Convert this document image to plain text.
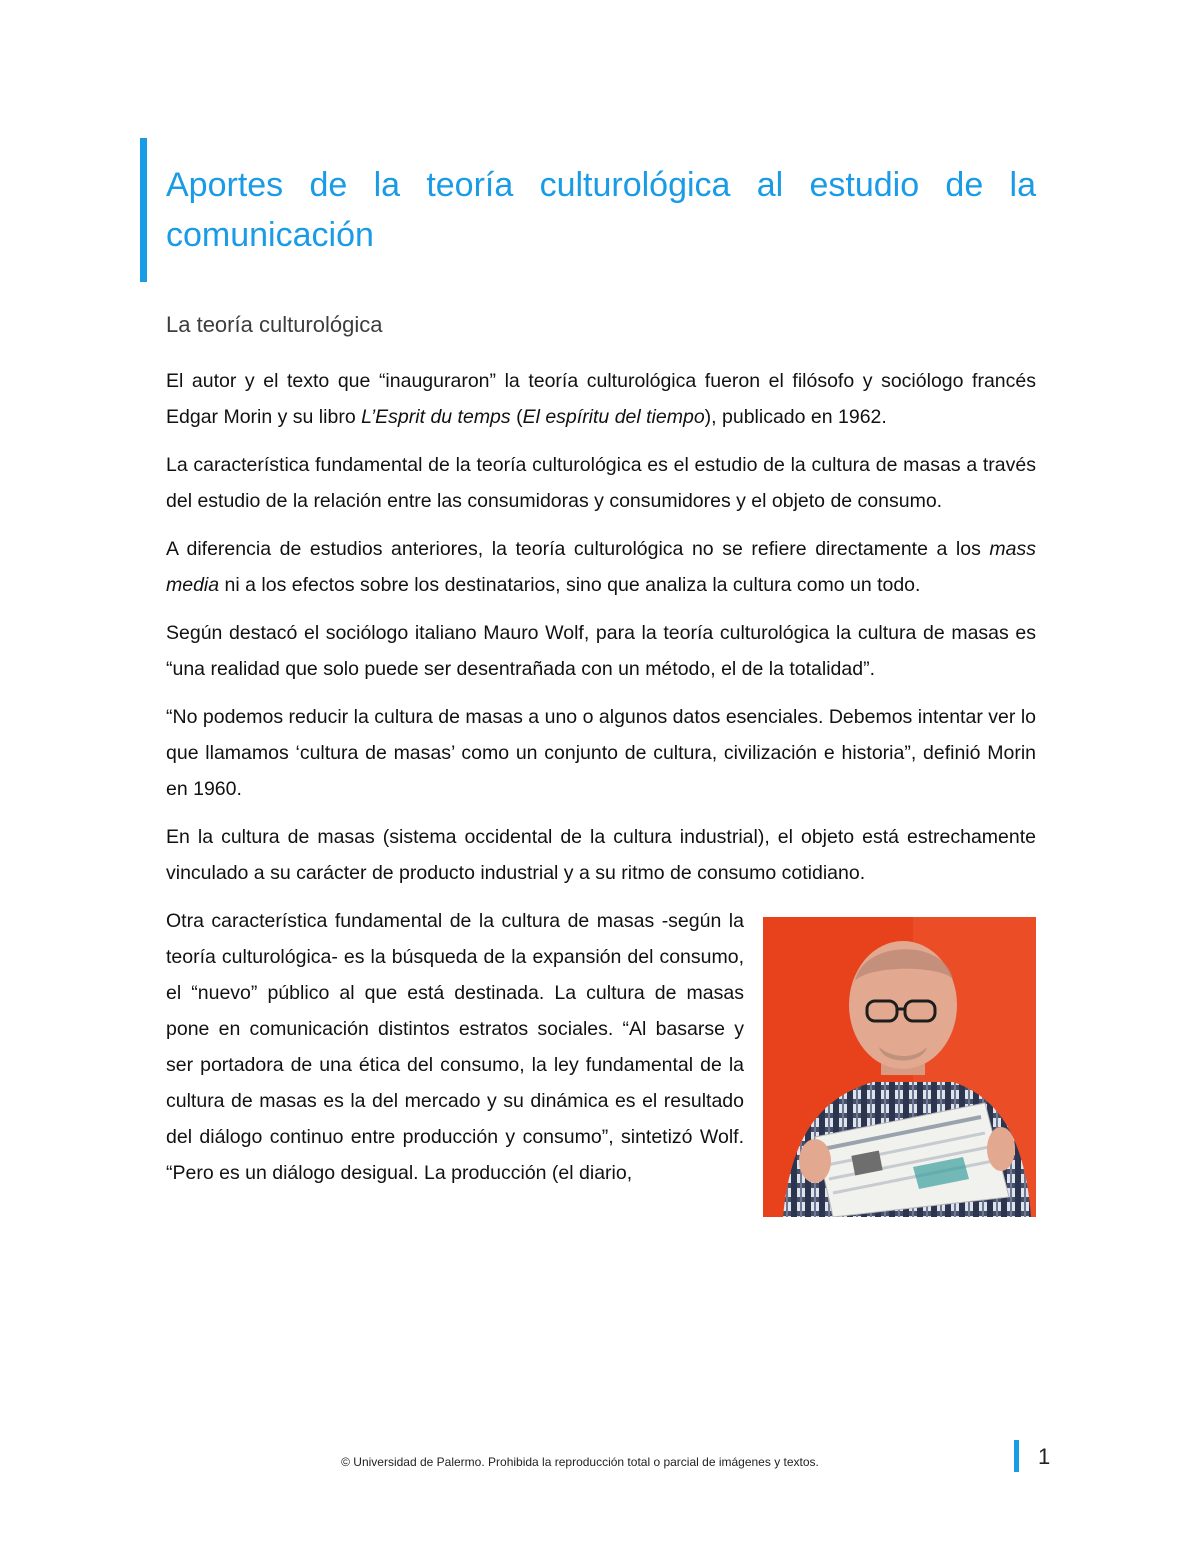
Aportes de la teoría culturológica al estudio de la comunicación
La teoría culturológica

El autor y el texto que “inauguraron” la teoría culturológica fueron el filósofo y sociólogo francés Edgar Morin y su libro L’Esprit du temps (El espíritu del tiempo), publicado en 1962.

La característica fundamental de la teoría culturológica es el estudio de la cultura de masas a través del estudio de la relación entre las consumidoras y consumidores y el objeto de consumo.

A diferencia de estudios anteriores, la teoría culturológica no se refiere directamente a los mass media ni a los efectos sobre los destinatarios, sino que analiza la cultura como un todo.

Según destacó el sociólogo italiano Mauro Wolf, para la teoría culturológica la cultura de masas es “una realidad que solo puede ser desentrañada con un método, el de la totalidad”.

“No podemos reducir la cultura de masas a uno o algunos datos esenciales. Debemos intentar ver lo que llamamos ‘cultura de masas’ como un conjunto de cultura, civilización e historia”, definió Morin en 1960.

En la cultura de masas (sistema occidental de la cultura industrial), el objeto está estrechamente vinculado a su carácter de producto industrial y a su ritmo de consumo cotidiano.

Otra característica fundamental de la cultura de masas -según la teoría culturológica- es la búsqueda de la expansión del consumo, el “nuevo” público al que está destinada. La cultura de masas pone en comunicación distintos estratos sociales. “Al basarse y ser portadora de una ética del consumo, la ley fundamental de la cultura de masas es la del mercado y su dinámica es el resultado del diálogo continuo entre producción y consumo”, sintetizó Wolf. “Pero es un diálogo desigual. La producción (el diario,

© Universidad de Palermo. Prohibida la reproducción total o parcial de imágenes y textos.	1
